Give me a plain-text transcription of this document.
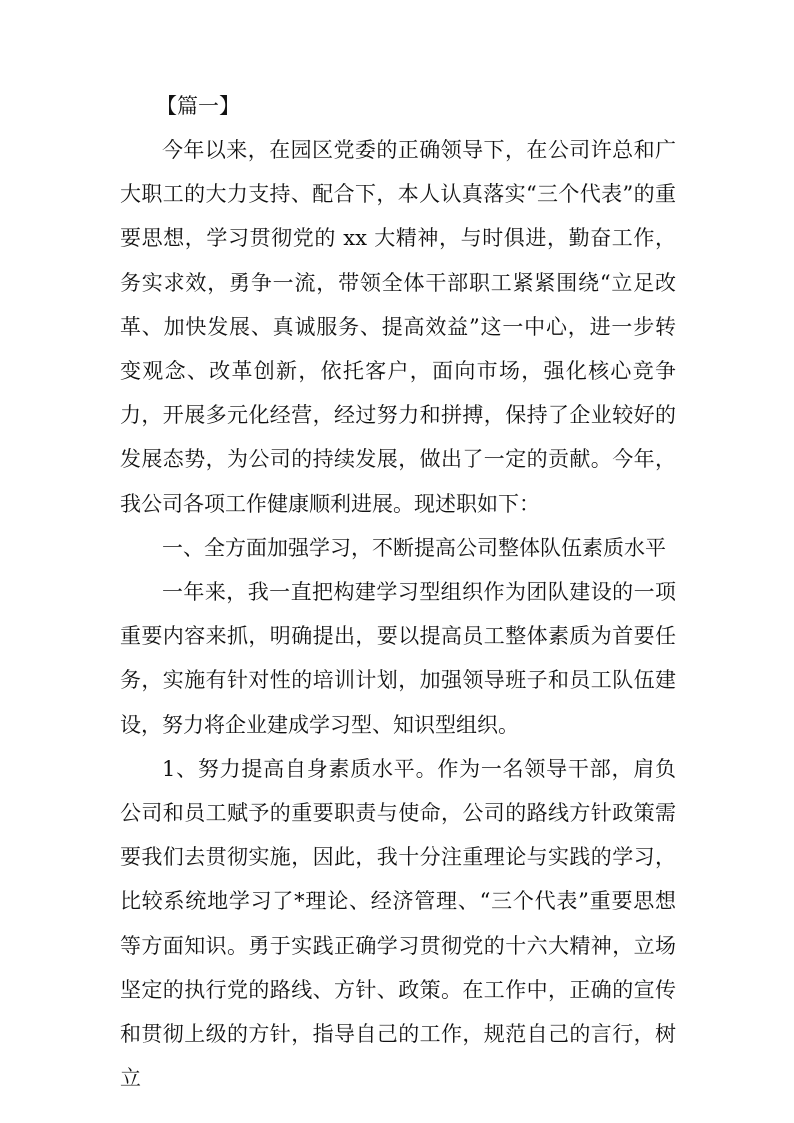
【篇一】

今年以来，在园区党委的正确领导下，在公司许总和广大职工的大力支持、配合下，本人认真落实“三个代表”的重要思想，学习贯彻党的 xx 大精神，与时俱进，勤奋工作，务实求效，勇争一流，带领全体干部职工紧紧围绕“立足改革、加快发展、真诚服务、提高效益”这一中心，进一步转变观念、改革创新，依托客户，面向市场，强化核心竞争力，开展多元化经营，经过努力和拼搏，保持了企业较好的发展态势，为公司的持续发展，做出了一定的贡献。今年，我公司各项工作健康顺利进展。现述职如下：

一、全方面加强学习，不断提高公司整体队伍素质水平

一年来，我一直把构建学习型组织作为团队建设的一项重要内容来抓，明确提出，要以提高员工整体素质为首要任务，实施有针对性的培训计划，加强领导班子和员工队伍建设，努力将企业建成学习型、知识型组织。

1、努力提高自身素质水平。作为一名领导干部，肩负公司和员工赋予的重要职责与使命，公司的路线方针政策需要我们去贯彻实施，因此，我十分注重理论与实践的学习，比较系统地学习了*理论、经济管理、“三个代表”重要思想等方面知识。勇于实践正确学习贯彻党的十六大精神，立场坚定的执行党的路线、方针、政策。在工作中，正确的宣传和贯彻上级的方针，指导自己的工作，规范自己的言行，树立
